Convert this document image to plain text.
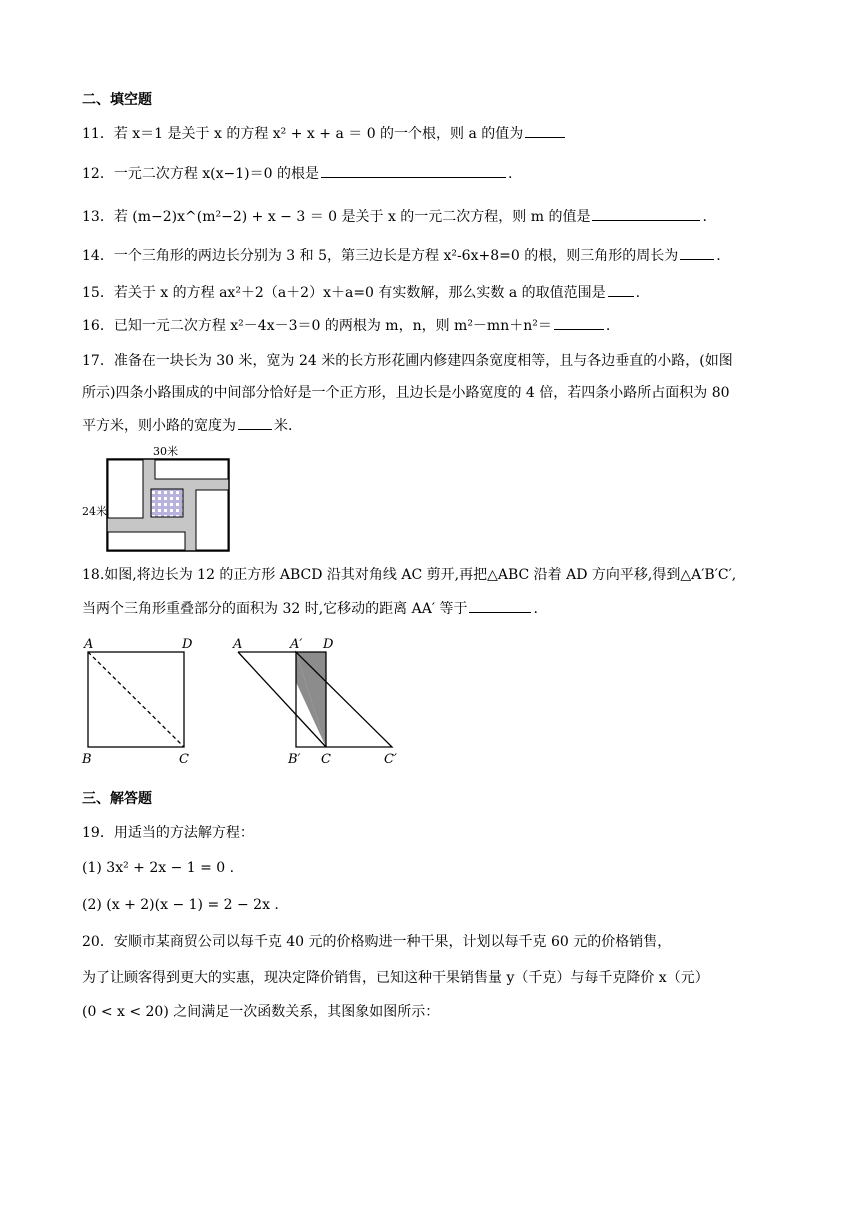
二、填空题
11．若 x＝1 是关于 x 的方程 x² + x + a ＝ 0 的一个根，则 a 的值为
12．一元二次方程 x(x−1)＝0 的根是	.
13．若 (m−2)x^(m²−2) + x − 3 ＝ 0 是关于 x 的一元二次方程，则 m 的值是	.
14．一个三角形的两边长分别为 3 和 5，第三边长是方程 x²-6x+8=0 的根，则三角形的周长为	.
15．若关于 x 的方程 ax²＋2（a＋2）x＋a=0 有实数解，那么实数 a 的取值范围是 .
16．已知一元二次方程 x²－4x－3＝0 的两根为 m，n，则 m²－mn＋n²＝	.
17．准备在一块长为 30 米，宽为 24 米的长方形花圃内修建四条宽度相等，且与各边垂直的小路，(如图
所示)四条小路围成的中间部分恰好是一个正方形，且边长是小路宽度的 4 倍，若四条小路所占面积为 80
平方米，则小路的宽度为	米.
30米
24米
18.如图,将边长为 12 的正方形 ABCD 沿其对角线 AC 剪开,再把△ABC 沿着 AD 方向平移,得到△A′B′C′,
当两个三角形重叠部分的面积为 32 时,它移动的距离 AA′ 等于	.
A	D
B	C
A	A′ D
B′ C	C′
三、解答题
19．用适当的方法解方程：
(1) 3x² + 2x − 1 = 0 .
(2) (x + 2)(x − 1) = 2 − 2x .
20．安顺市某商贸公司以每千克 40 元的价格购进一种干果，计划以每千克 60 元的价格销售，
为了让顾客得到更大的实惠，现决定降价销售，已知这种干果销售量 y（千克）与每千克降价 x（元）
(0 < x < 20) 之间满足一次函数关系，其图象如图所示：
